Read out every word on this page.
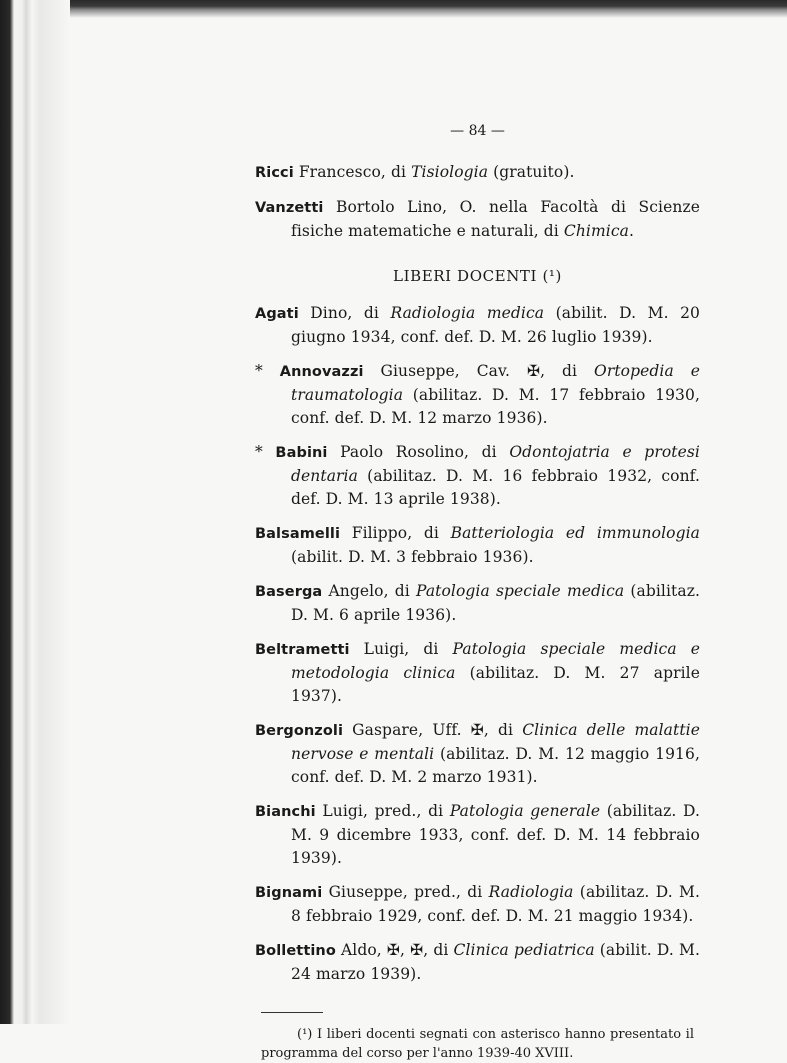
— 84 —
Ricci Francesco, di Tisiologia (gratuito).
Vanzetti Bortolo Lino, O. nella Facoltà di Scienze fisiche matematiche e naturali, di Chimica.
LIBERI DOCENTI (¹)
Agati Dino, di Radiologia medica (abilit. D. M. 20 giugno 1934, conf. def. D. M. 26 luglio 1939).
* Annovazzi Giuseppe, Cav. ✠, di Ortopedia e traumatologia (abilitaz. D. M. 17 febbraio 1930, conf. def. D. M. 12 marzo 1936).
* Babini Paolo Rosolino, di Odontojatria e protesi dentaria (abilitaz. D. M. 16 febbraio 1932, conf. def. D. M. 13 aprile 1938).
Balsamelli Filippo, di Batteriologia ed immunologia (abilit. D. M. 3 febbraio 1936).
Baserga Angelo, di Patologia speciale medica (abilitaz. D. M. 6 aprile 1936).
Beltrametti Luigi, di Patologia speciale medica e metodologia clinica (abilitaz. D. M. 27 aprile 1937).
Bergonzoli Gaspare, Uff. ✠, di Clinica delle malattie nervose e mentali (abilitaz. D. M. 12 maggio 1916, conf. def. D. M. 2 marzo 1931).
Bianchi Luigi, pred., di Patologia generale (abilitaz. D. M. 9 dicembre 1933, conf. def. D. M. 14 febbraio 1939).
Bignami Giuseppe, pred., di Radiologia (abilitaz. D. M. 8 febbraio 1929, conf. def. D. M. 21 maggio 1934).
Bollettino Aldo, ✠, ✠, di Clinica pediatrica (abilit. D. M. 24 marzo 1939).
(¹) I liberi docenti segnati con asterisco hanno presentato il programma del corso per l'anno 1939-40 XVIII.
